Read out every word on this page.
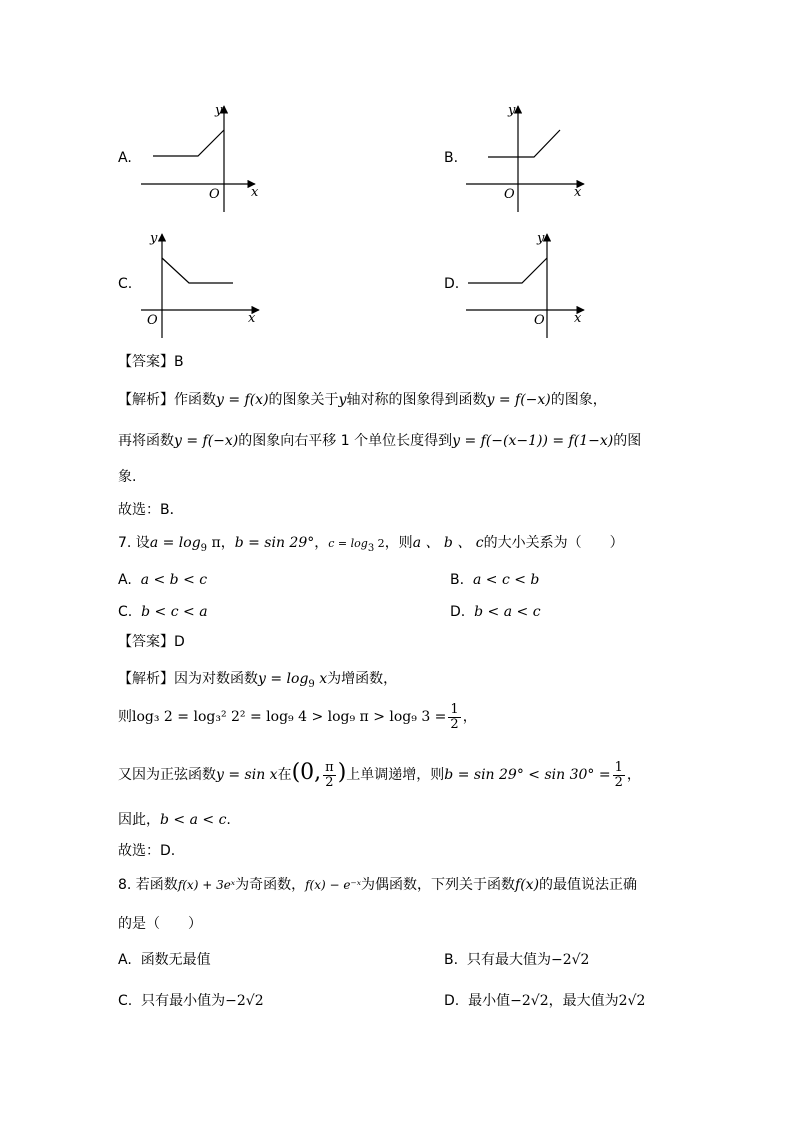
A.	B.
C.	D.
y
x
O
y
x
O
y
x
O
y
x
O
【答案】B
【解析】作函数y = f(x)的图象关于y轴对称的图象得到函数y = f(−x)的图象，
再将函数y = f(−x)的图象向右平移 1 个单位长度得到y = f(−(x−1)) = f(1−x)的图
象.
故选：B．
7. 设$a = \log_9 \pi$，b = sin 29°，$c = \log_3 2$，则a 、 b 、 c的大小关系为（　　）
A. a < b < c	B. a < c < b
C. b < c < a	D. b < a < c
【答案】D
【解析】因为对数函数$y = \log_9 x$为增函数，
则log₃ 2 = log₃² 2² = log₉ 4 > log₉ π > log₉ $3 = \frac{1}{2}$ ，
又因为正弦函数y = sin x在(0, $\frac{\pi}{2}$ )上单调递增，则$b = \sin 29^\circ < \sin 30^\circ = \frac{1}{2}$ ，
因此，b < a < c.
故选：D.
8. 若函数f(x) + 3eˣ为奇函数，f(x) − e⁻ˣ为偶函数，下列关于函数f(x)的最值说法正确
的是（　　）
A. 函数无最值	B. 只有最大值为−2√2
C. 只有最小值为−2√2	D. 最小值−2√2，最大值为2√2
